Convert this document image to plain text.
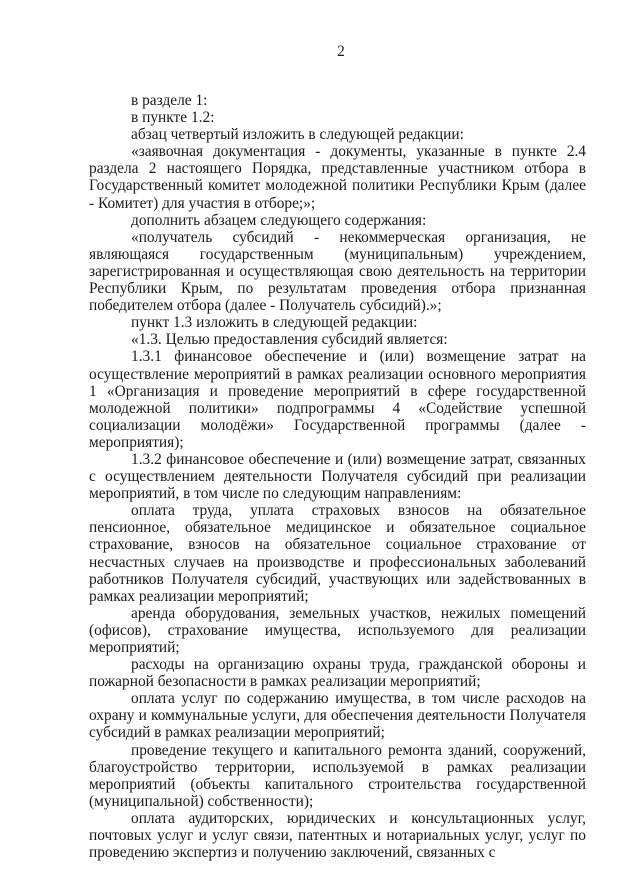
2

в разделе 1:

в пункте 1.2:

абзац четвертый изложить в следующей редакции:

«заявочная документация - документы, указанные в пункте 2.4 раздела 2 настоящего Порядка, представленные участником отбора в Государственный комитет молодежной политики Республики Крым (далее - Комитет) для участия в отборе;»;

дополнить абзацем следующего содержания:

«получатель субсидий - некоммерческая организация, не являющаяся государственным (муниципальным) учреждением, зарегистрированная и осуществляющая свою деятельность на территории Республики Крым, по результатам проведения отбора признанная победителем отбора (далее - Получатель субсидий).»;

пункт 1.3 изложить в следующей редакции:

«1.3. Целью предоставления субсидий является:

1.3.1 финансовое обеспечение и (или) возмещение затрат на осуществление мероприятий в рамках реализации основного мероприятия 1 «Организация и проведение мероприятий в сфере государственной молодежной политики» подпрограммы 4 «Содействие успешной социализации молодёжи» Государственной программы (далее - мероприятия);

1.3.2 финансовое обеспечение и (или) возмещение затрат, связанных с осуществлением деятельности Получателя субсидий при реализации мероприятий, в том числе по следующим направлениям:

оплата труда, уплата страховых взносов на обязательное пенсионное, обязательное медицинское и обязательное социальное страхование, взносов на обязательное социальное страхование от несчастных случаев на производстве и профессиональных заболеваний работников Получателя субсидий, участвующих или задействованных в рамках реализации мероприятий;

аренда оборудования, земельных участков, нежилых помещений (офисов), страхование имущества, используемого для реализации мероприятий;

расходы на организацию охраны труда, гражданской обороны и пожарной безопасности в рамках реализации мероприятий;

оплата услуг по содержанию имущества, в том числе расходов на охрану и коммунальные услуги, для обеспечения деятельности Получателя субсидий в рамках реализации мероприятий;

проведение текущего и капитального ремонта зданий, сооружений, благоустройство территории, используемой в рамках реализации мероприятий (объекты капитального строительства государственной (муниципальной) собственности);

оплата аудиторских, юридических и консультационных услуг, почтовых услуг и услуг связи, патентных и нотариальных услуг, услуг по проведению экспертиз и получению заключений, связанных с
